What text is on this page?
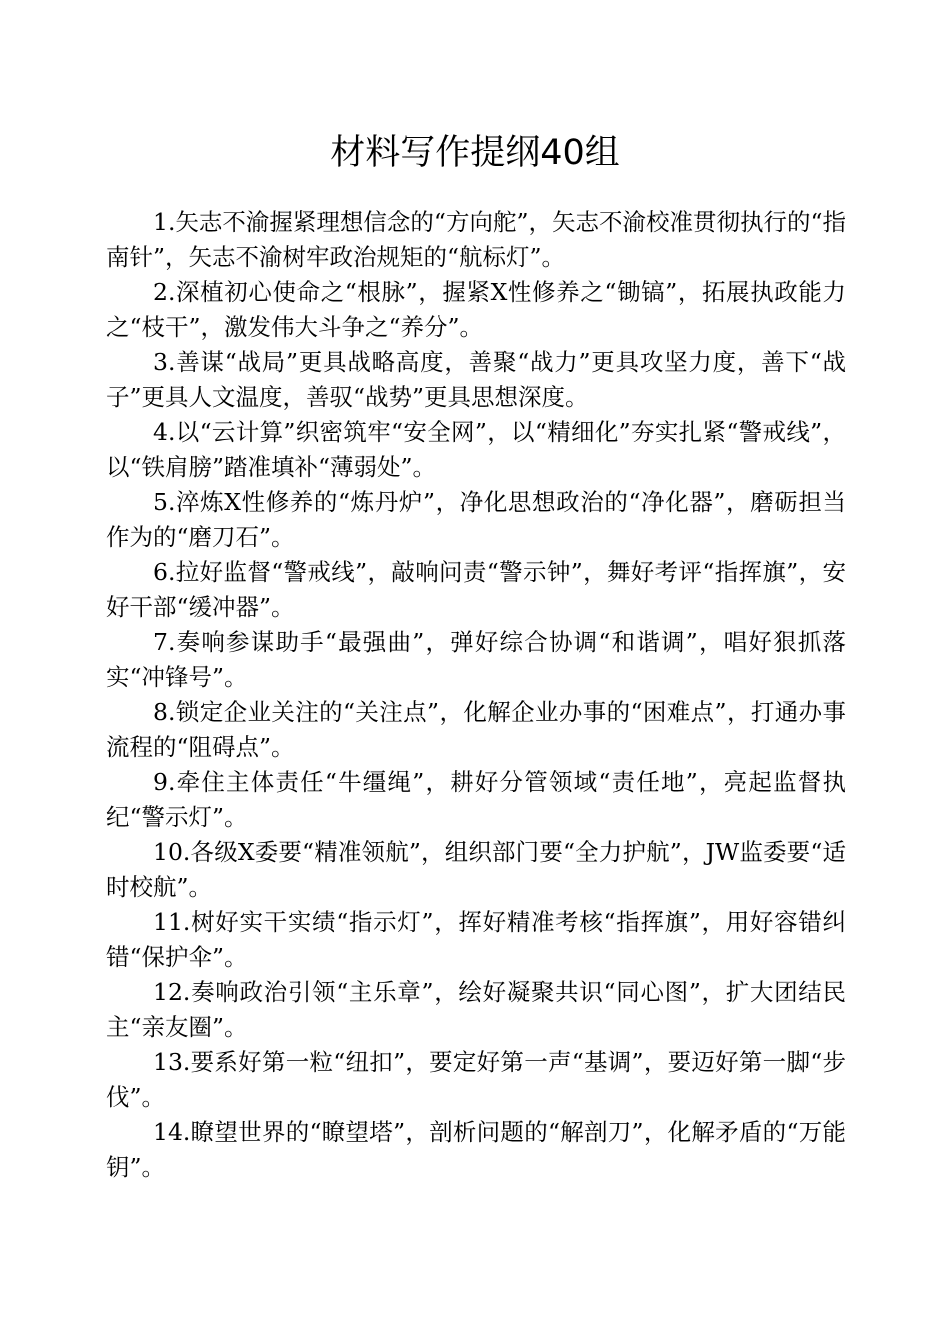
材料写作提纲40组

1.矢志不渝握紧理想信念的“方向舵”，矢志不渝校准贯彻执行的“指南针”，矢志不渝树牢政治规矩的“航标灯”。

2.深植初心使命之“根脉”，握紧X性修养之“锄镐”，拓展执政能力之“枝干”，激发伟大斗争之“养分”。

3.善谋“战局”更具战略高度，善聚“战力”更具攻坚力度，善下“战子”更具人文温度，善驭“战势”更具思想深度。

4.以“云计算”织密筑牢“安全网”，以“精细化”夯实扎紧“警戒线”，以“铁肩膀”踏准填补“薄弱处”。

5.淬炼X性修养的“炼丹炉”，净化思想政治的“净化器”，磨砺担当作为的“磨刀石”。

6.拉好监督“警戒线”，敲响问责“警示钟”，舞好考评“指挥旗”，安好干部“缓冲器”。

7.奏响参谋助手“最强曲”，弹好综合协调“和谐调”，唱好狠抓落实“冲锋号”。

8.锁定企业关注的“关注点”，化解企业办事的“困难点”，打通办事流程的“阻碍点”。

9.牵住主体责任“牛缰绳”，耕好分管领域“责任地”，亮起监督执纪“警示灯”。

10.各级X委要“精准领航”，组织部门要“全力护航”，JW监委要“适时校航”。

11.树好实干实绩“指示灯”，挥好精准考核“指挥旗”，用好容错纠错“保护伞”。

12.奏响政治引领“主乐章”，绘好凝聚共识“同心图”，扩大团结民主“亲友圈”。

13.要系好第一粒“纽扣”，要定好第一声“基调”，要迈好第一脚“步伐”。

14.瞭望世界的“瞭望塔”，剖析问题的“解剖刀”，化解矛盾的“万能钥”。
